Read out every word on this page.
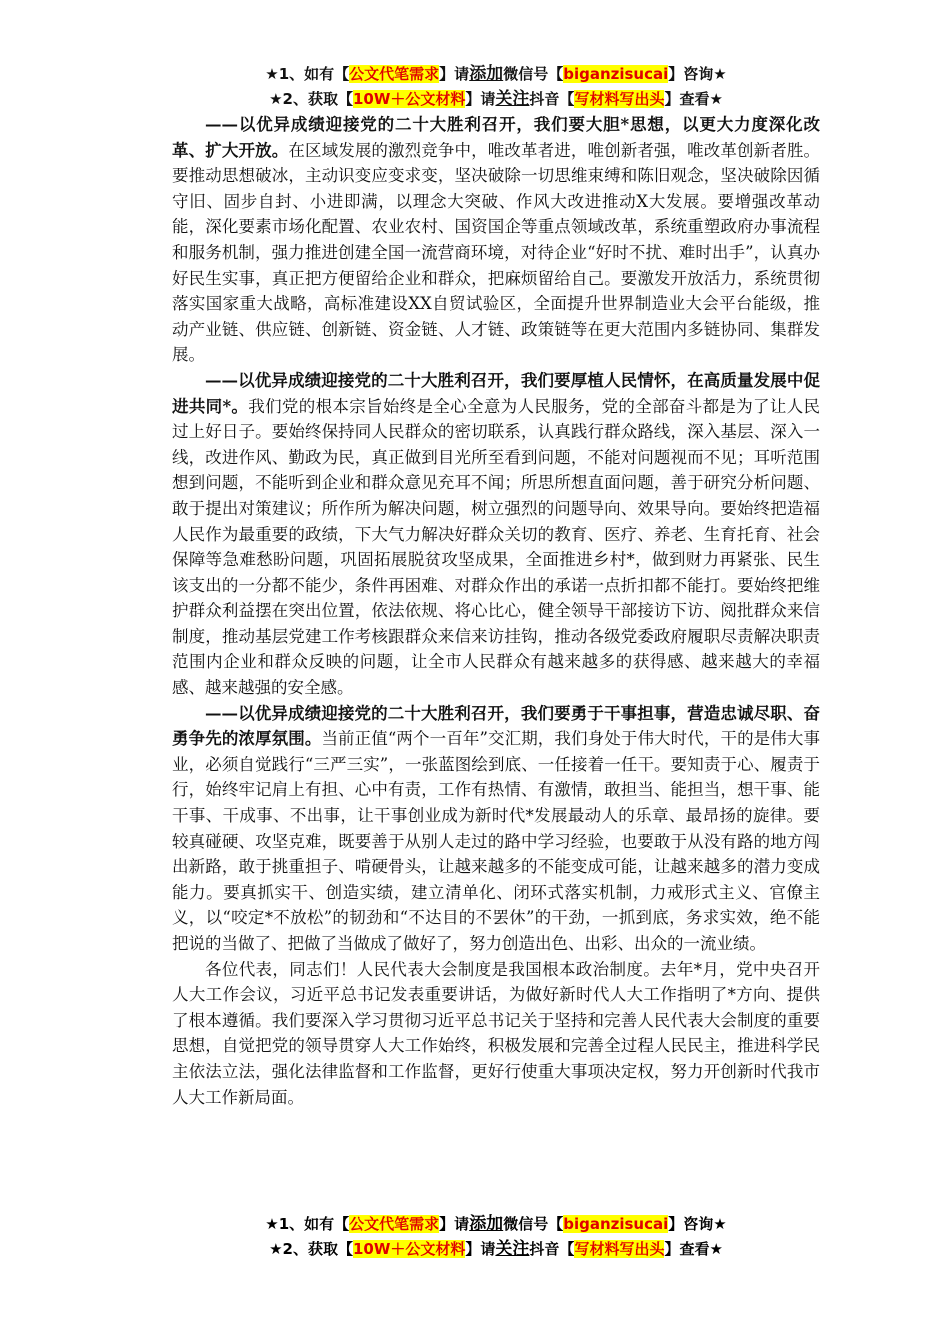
★1、如有【公文代笔需求】请添加微信号【biganzisucai】咨询★
★2、获取【10W＋公文材料】请关注抖音【写材料写出头】查看★

——以优异成绩迎接党的二十大胜利召开，我们要大胆*思想，以更大力度深化改革、扩大开放。在区域发展的激烈竞争中，唯改革者进，唯创新者强，唯改革创新者胜。要推动思想破冰，主动识变应变求变，坚决破除一切思维束缚和陈旧观念，坚决破除因循守旧、固步自封、小进即满，以理念大突破、作风大改进推动X大发展。要增强改革动能，深化要素市场化配置、农业农村、国资国企等重点领域改革，系统重塑政府办事流程和服务机制，强力推进创建全国一流营商环境，对待企业“好时不扰、难时出手”，认真办好民生实事，真正把方便留给企业和群众，把麻烦留给自己。要激发开放活力，系统贯彻落实国家重大战略，高标准建设XX自贸试验区，全面提升世界制造业大会平台能级，推动产业链、供应链、创新链、资金链、人才链、政策链等在更大范围内多链协同、集群发展。

——以优异成绩迎接党的二十大胜利召开，我们要厚植人民情怀，在高质量发展中促进共同*。我们党的根本宗旨始终是全心全意为人民服务，党的全部奋斗都是为了让人民过上好日子。要始终保持同人民群众的密切联系，认真践行群众路线，深入基层、深入一线，改进作风、勤政为民，真正做到目光所至看到问题，不能对问题视而不见；耳听范围想到问题，不能听到企业和群众意见充耳不闻；所思所想直面问题，善于研究分析问题、敢于提出对策建议；所作所为解决问题，树立强烈的问题导向、效果导向。要始终把造福人民作为最重要的政绩，下大气力解决好群众关切的教育、医疗、养老、生育托育、社会保障等急难愁盼问题，巩固拓展脱贫攻坚成果，全面推进乡村*，做到财力再紧张、民生该支出的一分都不能少，条件再困难、对群众作出的承诺一点折扣都不能打。要始终把维护群众利益摆在突出位置，依法依规、将心比心，健全领导干部接访下访、阅批群众来信制度，推动基层党建工作考核跟群众来信来访挂钩，推动各级党委政府履职尽责解决职责范围内企业和群众反映的问题，让全市人民群众有越来越多的获得感、越来越大的幸福感、越来越强的安全感。

——以优异成绩迎接党的二十大胜利召开，我们要勇于干事担事，营造忠诚尽职、奋勇争先的浓厚氛围。当前正值“两个一百年”交汇期，我们身处于伟大时代，干的是伟大事业，必须自觉践行“三严三实”，一张蓝图绘到底、一任接着一任干。要知责于心、履责于行，始终牢记肩上有担、心中有责，工作有热情、有激情，敢担当、能担当，想干事、能干事、干成事、不出事，让干事创业成为新时代*发展最动人的乐章、最昂扬的旋律。要较真碰硬、攻坚克难，既要善于从别人走过的路中学习经验，也要敢于从没有路的地方闯出新路，敢于挑重担子、啃硬骨头，让越来越多的不能变成可能，让越来越多的潜力变成能力。要真抓实干、创造实绩，建立清单化、闭环式落实机制，力戒形式主义、官僚主义，以“咬定*不放松”的韧劲和“不达目的不罢休”的干劲，一抓到底，务求实效，绝不能把说的当做了、把做了当做成了做好了，努力创造出色、出彩、出众的一流业绩。

各位代表，同志们！人民代表大会制度是我国根本政治制度。去年*月，党中央召开人大工作会议，习近平总书记发表重要讲话，为做好新时代人大工作指明了*方向、提供了根本遵循。我们要深入学习贯彻习近平总书记关于坚持和完善人民代表大会制度的重要思想，自觉把党的领导贯穿人大工作始终，积极发展和完善全过程人民民主，推进科学民主依法立法，强化法律监督和工作监督，更好行使重大事项决定权，努力开创新时代我市人大工作新局面。

★1、如有【公文代笔需求】请添加微信号【biganzisucai】咨询★
★2、获取【10W＋公文材料】请关注抖音【写材料写出头】查看★
